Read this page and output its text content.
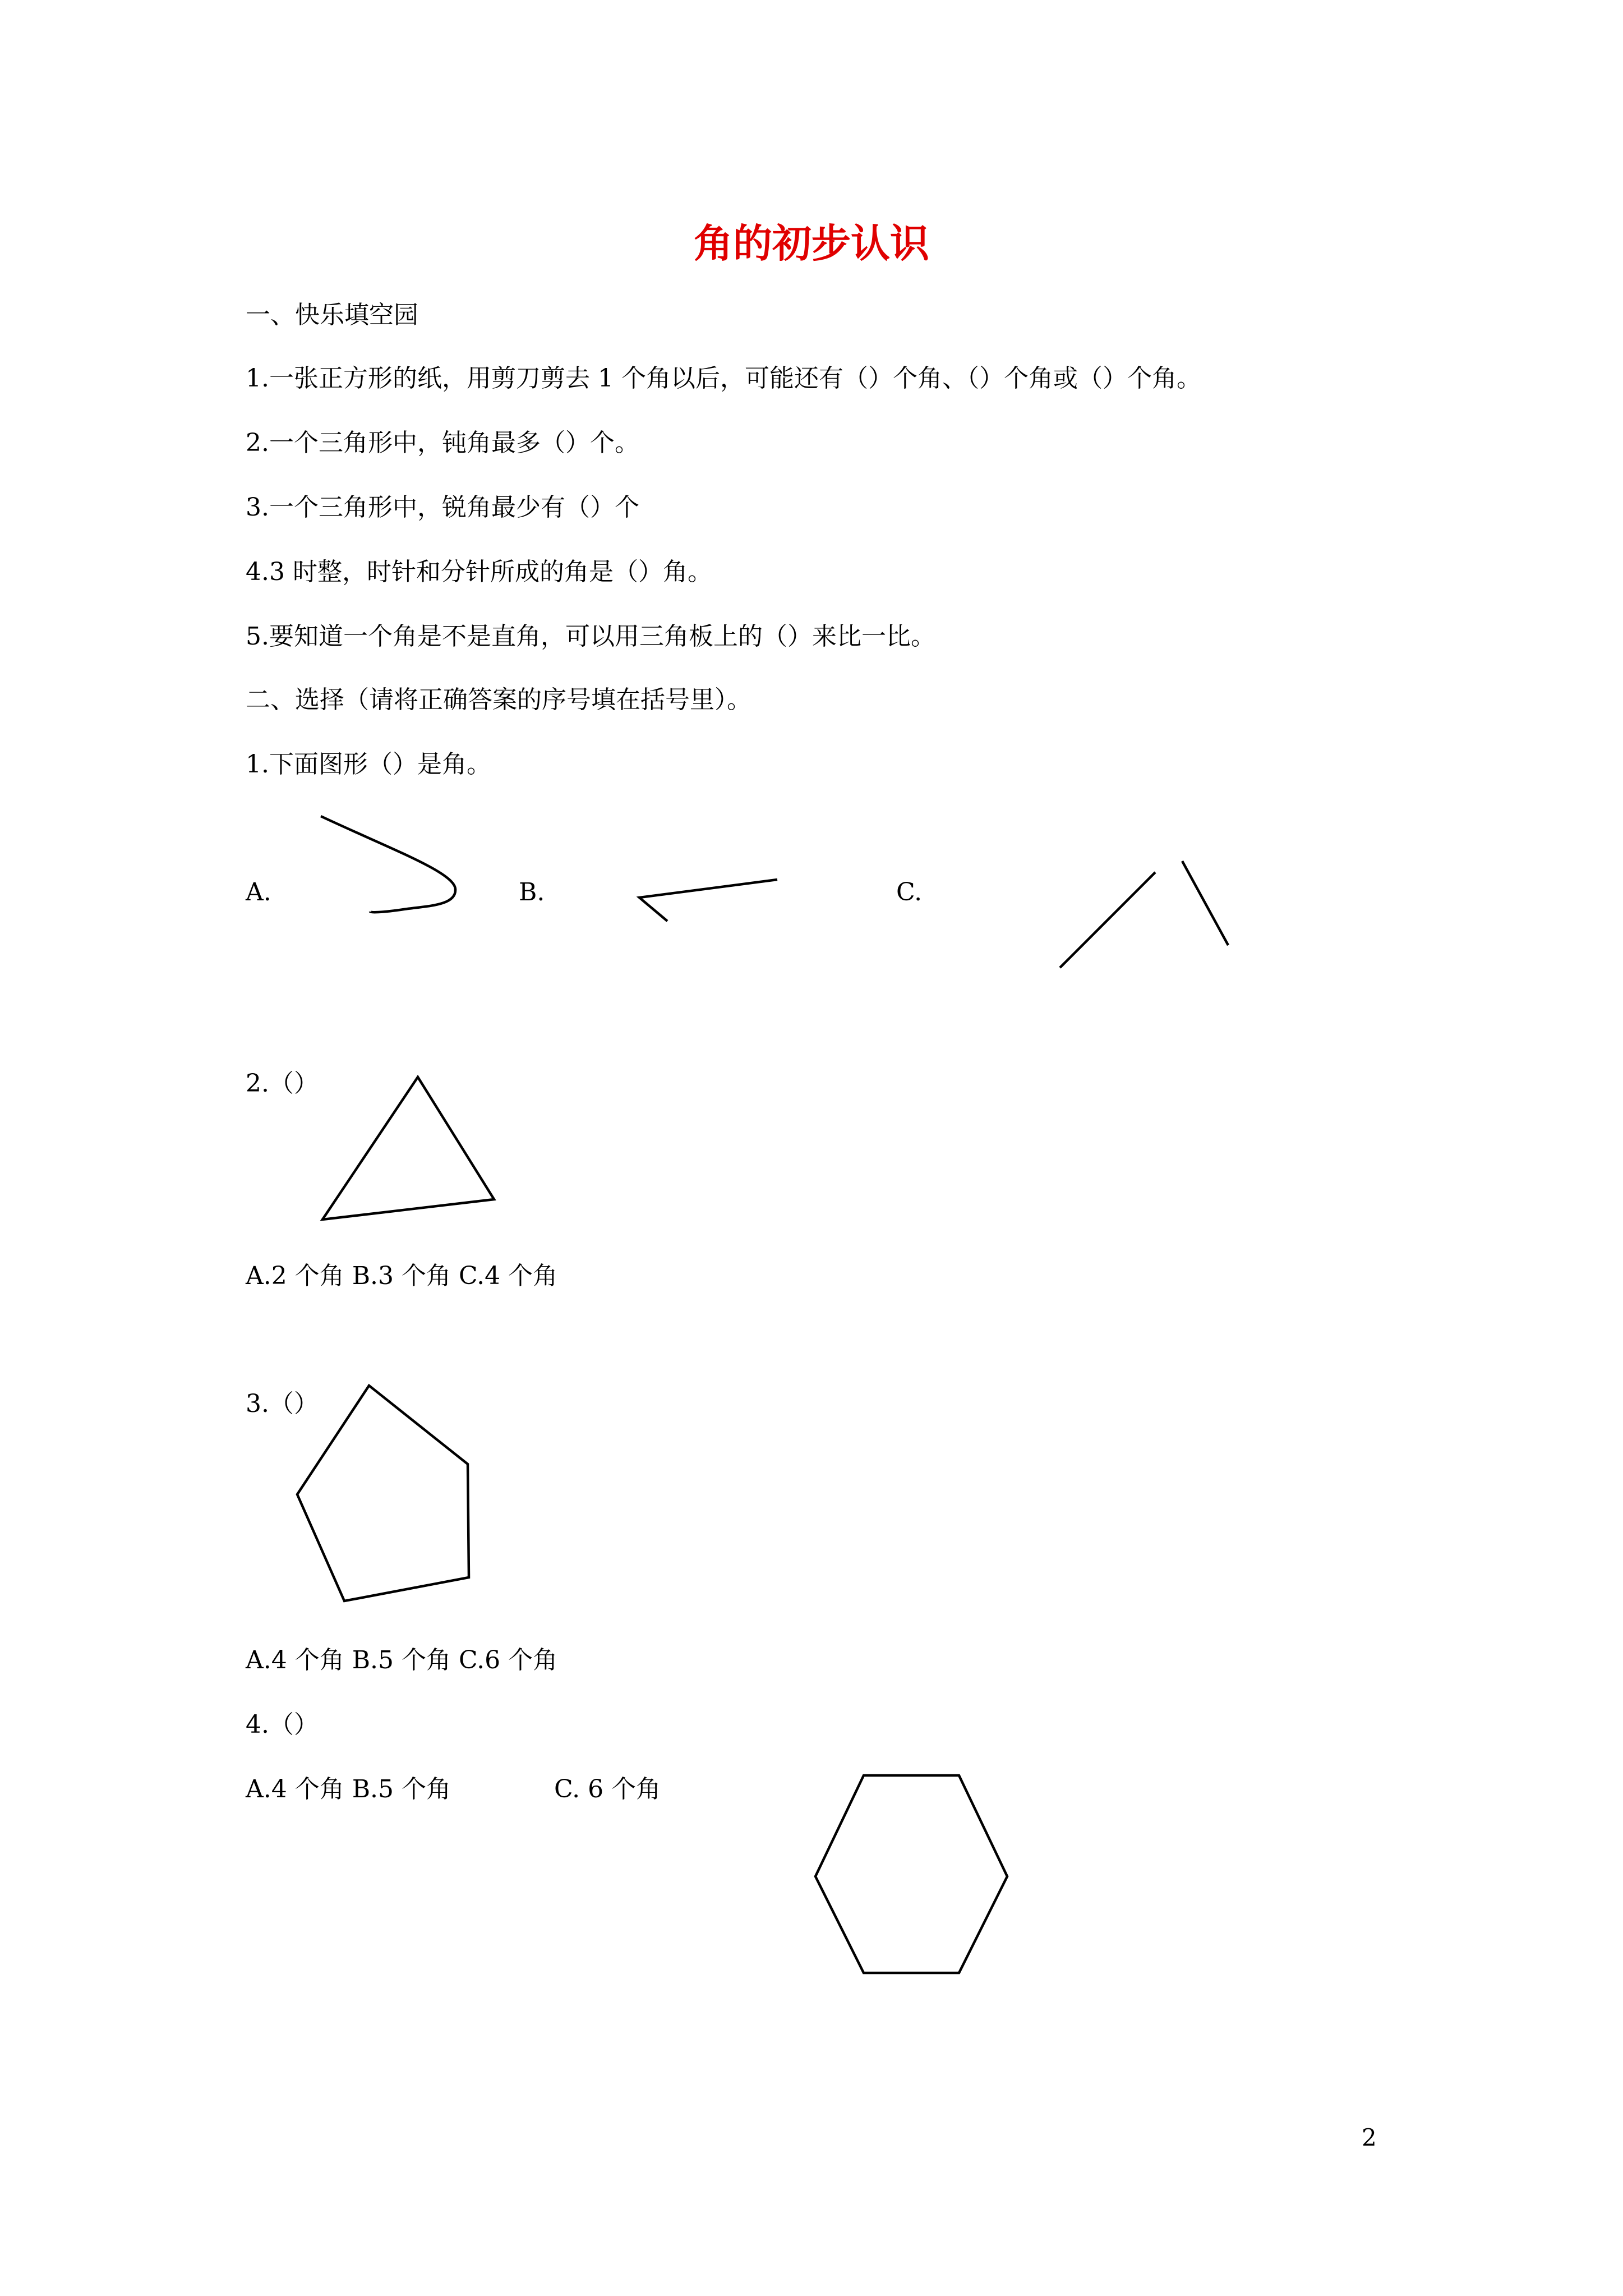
角的初步认识

一、快乐填空园

1.一张正方形的纸，用剪刀剪去 1 个角以后，可能还有（）个角、（）个角或（）个角。

2.一个三角形中，钝角最多（）个。

3.一个三角形中，锐角最少有（）个

4.3 时整，时针和分针所成的角是（）角。

5.要知道一个角是不是直角，可以用三角板上的（）来比一比。

二、选择（请将正确答案的序号填在括号里）。

1.下面图形（）是角。

A.	B.	C.

2.（）

A.2 个角 B.3 个角 C.4 个角

3.（）

A.4 个角 B.5 个角 C.6 个角

4.（）

A.4 个角 B.5 个角	C. 6 个角

2
